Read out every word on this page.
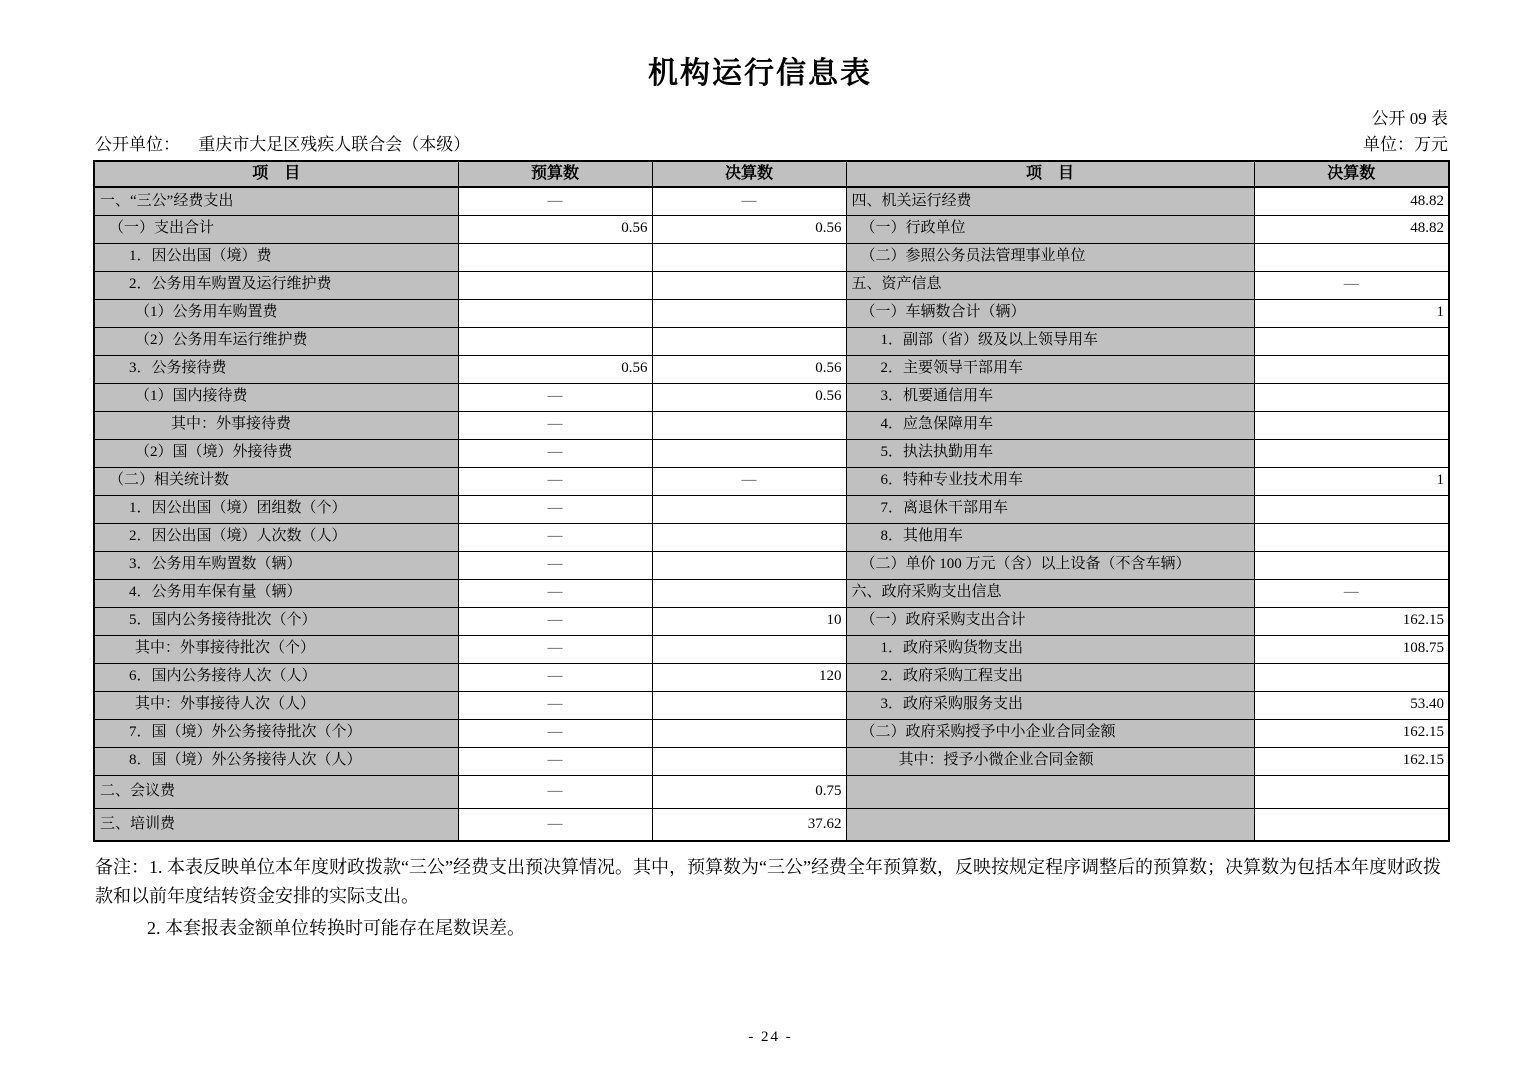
机构运行信息表
公开 09 表
公开单位： 重庆市大足区残疾人联合会（本级）	单位：万元
项　目	预算数	决算数	项　目	决算数
一、“三公”经费支出	—	—	四、机关运行经费	48.82
（一）支出合计	0.56	0.56	（一）行政单位	48.82
1．因公出国（境）费			（二）参照公务员法管理事业单位	
2．公务用车购置及运行维护费			五、资产信息	—
（1）公务用车购置费			（一）车辆数合计（辆）	1
（2）公务用车运行维护费			1．副部（省）级及以上领导用车	
3．公务接待费	0.56	0.56	2．主要领导干部用车	
（1）国内接待费	—	0.56	3．机要通信用车	
其中：外事接待费	—		4．应急保障用车	
（2）国（境）外接待费	—		5．执法执勤用车	
（二）相关统计数	—	—	6．特种专业技术用车	1
1．因公出国（境）团组数（个）	—		7．离退休干部用车	
2．因公出国（境）人次数（人）	—		8．其他用车	
3．公务用车购置数（辆）	—		（二）单价 100 万元（含）以上设备（不含车辆）	
4．公务用车保有量（辆）	—		六、政府采购支出信息	—
5．国内公务接待批次（个）	—	10	（一）政府采购支出合计	162.15
其中：外事接待批次（个）	—		1．政府采购货物支出	108.75
6．国内公务接待人次（人）	—	120	2．政府采购工程支出	
其中：外事接待人次（人）	—		3．政府采购服务支出	53.40
7．国（境）外公务接待批次（个）	—		（二）政府采购授予中小企业合同金额	162.15
8．国（境）外公务接待人次（人）	—		其中：授予小微企业合同金额	162.15
二、会议费	—	0.75		
三、培训费	—	37.62		

备注：1. 本表反映单位本年度财政拨款“三公”经费支出预决算情况。其中，预算数为“三公”经费全年预算数，反映按规定程序调整后的预算数；决算数为包括本年度财政拨款和以前年度结转资金安排的实际支出。

2. 本套报表金额单位转换时可能存在尾数误差。

- 24 -
